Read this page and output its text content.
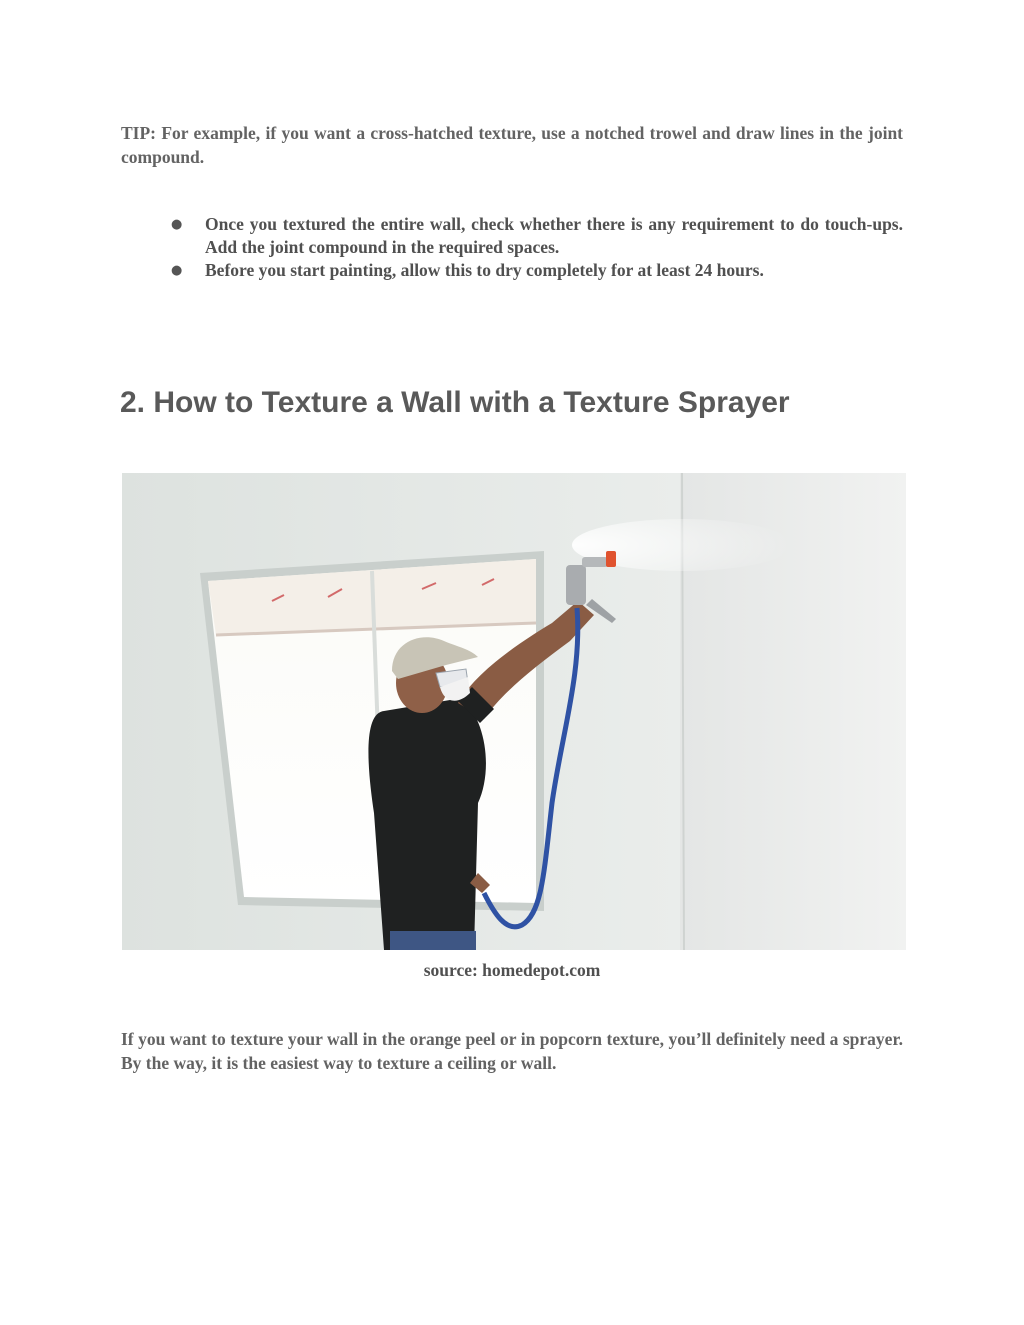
TIP: For example, if you want a cross-hatched texture, use a notched trowel and draw lines in the joint compound.

● Once you textured the entire wall, check whether there is any requirement to do touch-ups. Add the joint compound in the required spaces.
● Before you start painting, allow this to dry completely for at least 24 hours.
2. How to Texture a Wall with a Texture Sprayer
source: homedepot.com

If you want to texture your wall in the orange peel or in popcorn texture, you’ll definitely need a sprayer. By the way, it is the easiest way to texture a ceiling or wall.
